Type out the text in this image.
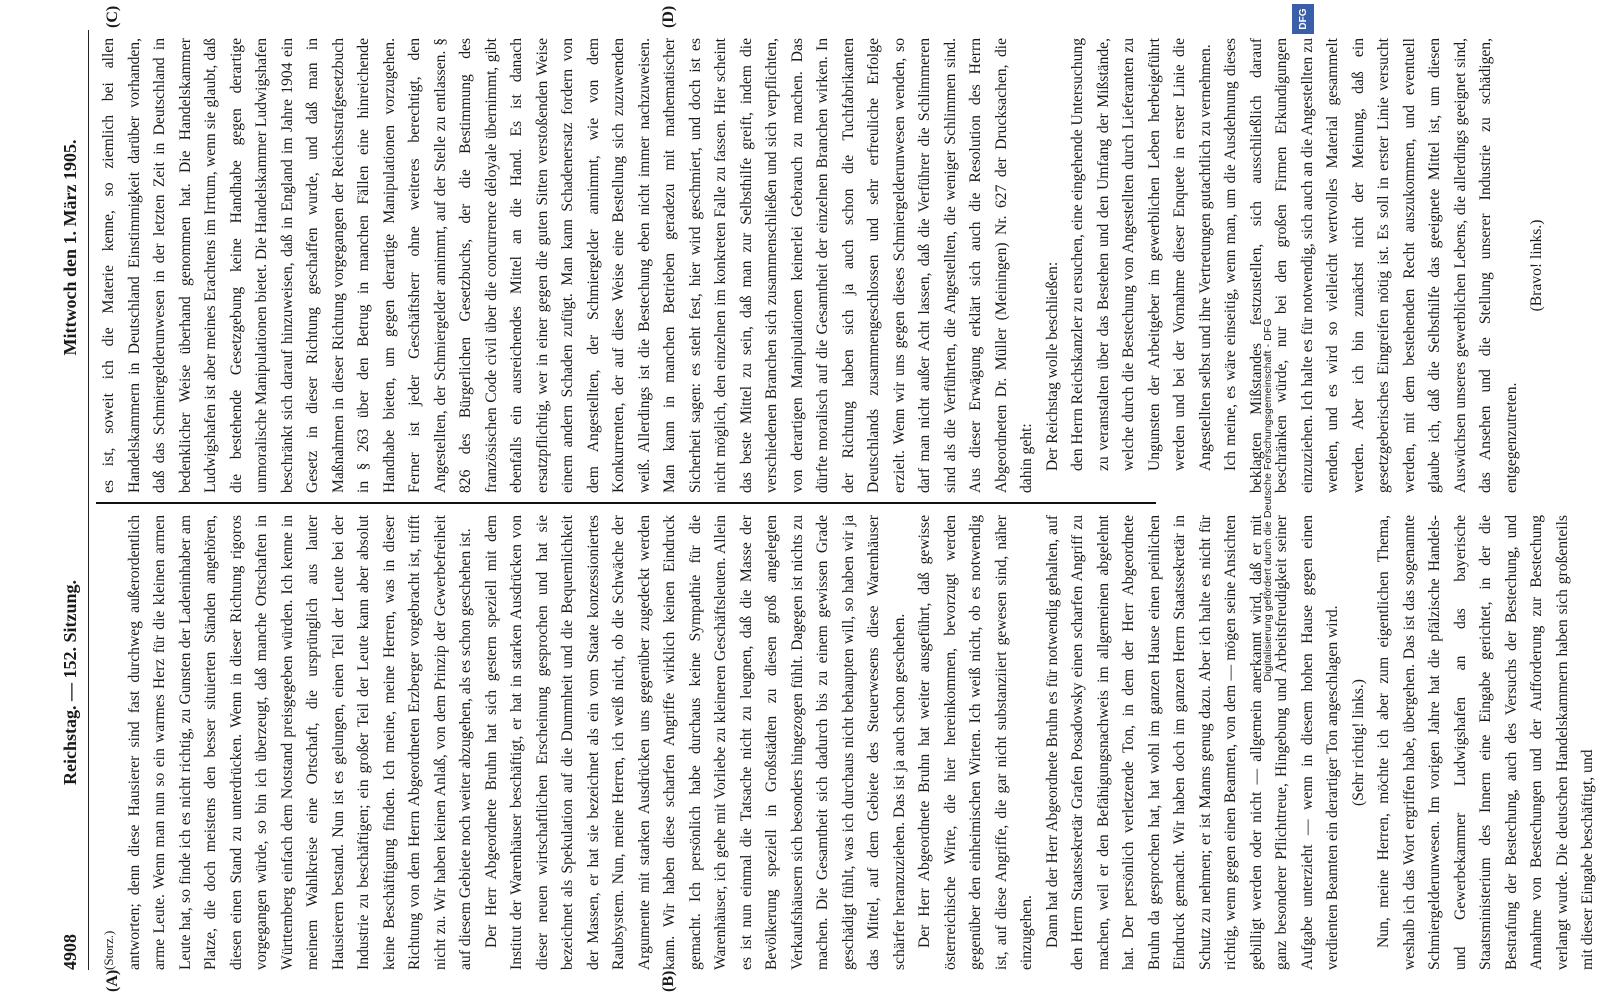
4908
Reichstag. — 152. Sitzung.
Mittwoch den 1. März 1905.
(A)	(B)
(C)	(D)

(Storz.) antworten; denn diese Hausierer sind fast durchweg außerordentlich arme Leute. Wenn man nun so ein warmes Herz für die kleinen armen Leute hat, so finde ich es nicht richtig, zu Gunsten der Ladeninhaber am Platze, die doch meistens den besser situierten Ständen angehören, diesen einen Stand zu unterdrücken. Wenn in dieser Richtung rigoros vorgegangen würde, so bin ich überzeugt, daß manche Ortschaften in Württemberg einfach dem Notstand preisgegeben würden. Ich kenne in meinem Wahlkreise eine Ortschaft, die ursprünglich aus lauter Hausierern bestand. Nun ist es gelungen, einen Teil der Leute bei der Industrie zu beschäftigen; ein großer Teil der Leute kann aber absolut keine Beschäftigung finden. Ich meine, meine Herren, was in dieser Richtung von dem Herrn Abgeordneten Erzberger vorgebracht ist, trifft nicht zu. Wir haben keinen Anlaß, von dem Prinzip der Gewerbefreiheit auf diesem Gebiete noch weiter abzugehen, als es schon geschehen ist. Der Herr Abgeordnete Bruhn hat sich gestern speziell mit dem Institut der Warenhäuser beschäftigt, er hat in starken Ausdrücken von dieser neuen wirtschaftlichen Erscheinung gesprochen und hat sie bezeichnet als Spekulation auf die Dummheit und die Bequemlichkeit der Massen, er hat sie bezeichnet als ein vom Staate konzessioniertes Raubsystem. Nun, meine Herren, ich weiß nicht, ob die Schwäche der Argumente mit starken Ausdrücken uns gegenüber zugedeckt werden kann. Wir haben diese scharfen Angriffe wirklich keinen Eindruck gemacht. Ich persönlich habe durchaus keine Sympathie für die Warenhäuser, ich gehe mit Vorliebe zu kleineren Geschäftsleuten. Allein es ist nun einmal die Tatsache nicht zu leugnen, daß die Masse der Bevölkerung speziell in Großstädten zu diesen groß angelegten Verkaufshäusern sich besonders hingezogen fühlt. Dagegen ist nichts zu machen. Die Gesamtheit sich dadurch bis zu einem gewissen Grade geschädigt fühlt, was ich durchaus nicht behaupten will, so haben wir ja das Mittel, auf dem Gebiete des Steuerwesens diese Warenhäuser schärfer heranzuziehen. Das ist ja auch schon geschehen. Der Herr Abgeordnete Bruhn hat weiter ausgeführt, daß gewisse österreichische Wirte, die hier hereinkommen, bevorzugt werden gegenüber den einheimischen Wirten. Ich weiß nicht, ob es notwendig ist, auf diese Angriffe, die gar nicht substanziiert gewesen sind, näher einzugehen. Dann hat der Herr Abgeordnete Bruhn es für notwendig gehalten, auf den Herrn Staatssekretär Grafen Posadowsky einen scharfen Angriff zu machen, weil er den Befähigungsnachweis im allgemeinen abgelehnt hat. Der persönlich verletzende Ton, in dem der Herr Abgeordnete Bruhn da gesprochen hat, hat wohl im ganzen Hause einen peinlichen Eindruck gemacht. Wir haben doch im ganzen Herrn Staatssekretär in Schutz zu nehmen; er ist Manns genug dazu. Aber ich halte es nicht für richtig, wenn gegen einen Beamten, von dem — mögen seine Ansichten gebilligt werden oder nicht — allgemein anerkannt wird, daß er mit ganz besonderer Pflichttreue, Hingebung und Arbeitsfreudigkeit seiner Aufgabe unterzieht — wenn in diesem hohen Hause gegen einen verdienten Beamten ein derartiger Ton angeschlagen wird. (Sehr richtig! links.) Nun, meine Herren, möchte ich aber zum eigentlichen Thema, weshalb ich das Wort ergriffen habe, übergehen. Das ist das sogenannte Schmiergelderunwesen. Im vorigen Jahre hat die pfälzische Handels- und Gewerbekammer Ludwigshafen an das bayerische Staatsministerium des Innern eine Eingabe gerichtet, in der die Bestrafung der Bestechung, auch des Versuchs der Bestechung, und Annahme von Bestechungen und der Aufforderung zur Bestechung verlangt wurde. Die deutschen Handelskammern haben sich großenteils mit dieser Eingabe beschäftigt, und

es ist, soweit ich die Materie kenne, so ziemlich bei allen Handelskammern in Deutschland Einstimmigkeit darüber vorhanden, daß das Schmiergelderunwesen in der letzten Zeit in Deutschland in bedenklicher Weise überhand genommen hat. Die Handelskammer Ludwigshafen ist aber meines Erachtens im Irrtum, wenn sie glaubt, daß die bestehende Gesetzgebung keine Handhabe gegen derartige unmoralische Manipulationen bietet. Die Handelskammer Ludwigshafen beschränkt sich darauf hinzuweisen, daß in England im Jahre 1904 ein Gesetz in dieser Richtung geschaffen wurde, und daß man in Maßnahmen in dieser Richtung vorgegangen der Reichsstrafgesetzbuch in § 263 über den Betrug in manchen Fällen eine hinreichende Handhabe bieten, um gegen derartige Manipulationen vorzugehen. Ferner ist jeder Geschäftsherr ohne weiteres berechtigt, den Angestellten, der Schmiergelder annimmt, auf der Stelle zu entlassen. § 826 des Bürgerlichen Gesetzbuchs, der die Bestimmung des französischen Code civil über die concurrence déloyale übernimmt, gibt ebenfalls ein ausreichendes Mittel an die Hand. Es ist danach ersatzpflichtig, wer in einer gegen die guten Sitten verstoßenden Weise einem andern Schaden zufügt. Man kann Schadenersatz fordern von dem Angestellten, der Schmiergelder annimmt, wie von dem Konkurrenten, der auf diese Weise eine Bestellung sich zuzuwenden weiß. Allerdings ist die Bestechung eben nicht immer nachzuweisen. Man kann in manchen Betrieben geradezu mit mathematischer Sicherheit sagen: es steht fest, hier wird geschmiert, und doch ist es nicht möglich, den einzelnen im konkreten Falle zu fassen. Hier scheint das beste Mittel zu sein, daß man zur Selbsthilfe greift, indem die verschiedenen Branchen sich zusammenschließen und sich verpflichten, von derartigen Manipulationen keinerlei Gebrauch zu machen. Das dürfte moralisch auf die Gesamtheit der einzelnen Branchen wirken. In der Richtung haben sich ja auch schon die Tuchfabrikanten Deutschlands zusammengeschlossen und sehr erfreuliche Erfolge erzielt. Wenn wir uns gegen dieses Schmiergelderunwesen wenden, so darf man nicht außer Acht lassen, daß die Verführer die Schlimmeren sind als die Verführten, die Angestellten, die weniger Schlimmen sind. Aus dieser Erwägung erklärt sich auch die Resolution des Herrn Abgeordneten Dr. Müller (Meiningen) Nr. 627 der Drucksachen, die dahin geht: Der Reichstag wolle beschließen: den Herrn Reichskanzler zu ersuchen, eine eingehende Untersuchung zu veranstalten über das Bestehen und den Umfang der Mißstände, welche durch die Bestechung von Angestellten durch Lieferanten zu Ungunsten der Arbeitgeber im gewerblichen Leben herbeigeführt werden und bei der Vornahme dieser Enquete in erster Linie die Angestellten selbst und ihre Vertretungen gutachtlich zu vernehmen. Ich meine, es wäre einseitig, wenn man, um die Ausdehnung dieses beklagten Mißstandes festzustellen, sich ausschließlich darauf beschränken würde, nur bei den großen Firmen Erkundigungen einzuziehen. Ich halte es für notwendig, sich auch an die Angestellten zu wenden, und es wird so vielleicht wertvolles Material gesammelt werden. Aber ich bin zunächst nicht der Meinung, daß ein gesetzgeberisches Eingreifen nötig ist. Es soll in erster Linie versucht werden, mit dem bestehenden Recht auszukommen, und eventuell glaube ich, daß die Selbsthilfe das geeignete Mittel ist, um diesen Auswüchsen unseres gewerblichen Lebens, die allerdings geeignet sind, das Ansehen und die Stellung unserer Industrie zu schädigen, entgegenzutreten.

(Bravo! links.)

Digitalisierung gefördert durch die Deutsche Forschungsgemeinschaft - DFG
DFG
